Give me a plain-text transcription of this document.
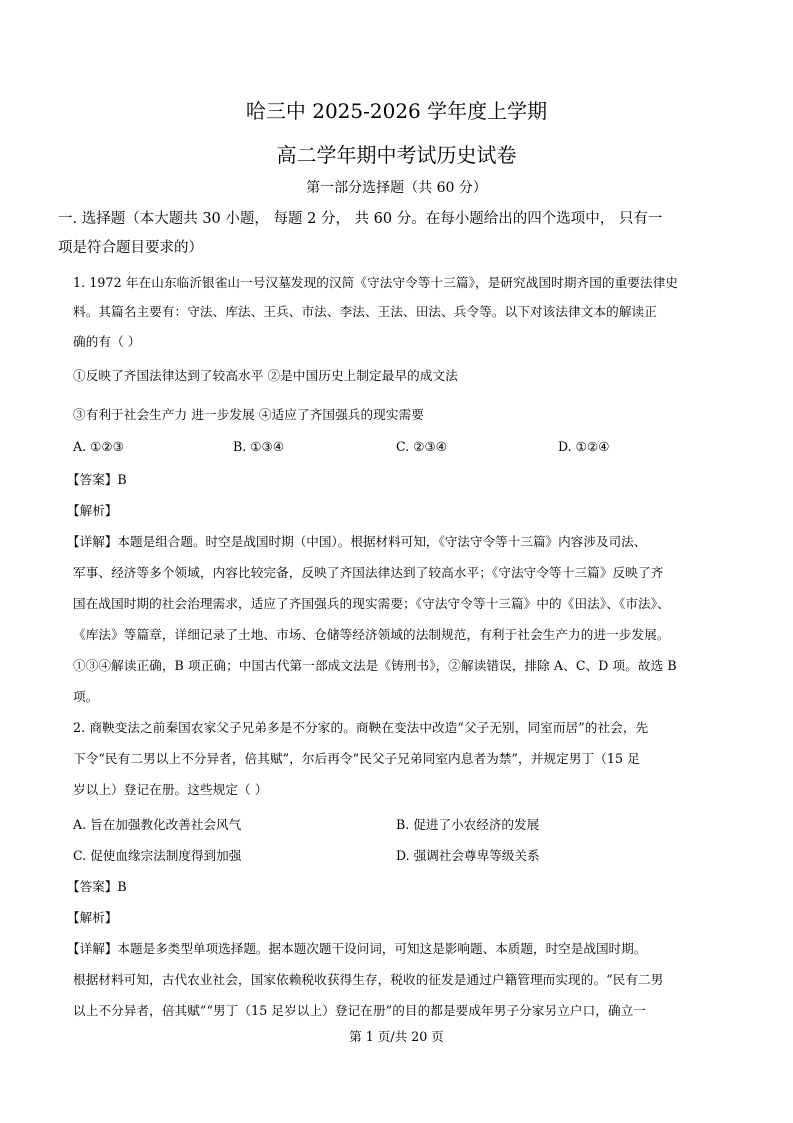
哈三中 2025-2026 学年度上学期
高二学年期中考试历史试卷
第一部分选择题（共 60 分）
一. 选择题（本大题共 30 小题， 每题 2 分， 共 60 分。在每小题给出的四个选项中， 只有一
项是符合题目要求的）
1. 1972 年在山东临沂银雀山一号汉墓发现的汉简《守法守令等十三篇》，是研究战国时期齐国的重要法律史
料。其篇名主要有：守法、库法、王兵、市法、李法、王法、田法、兵令等。以下对该法律文本的解读正
确的有（ ）
①反映了齐国法律达到了较高水平 ②是中国历史上制定最早的成文法
③有利于社会生产力 进一步发展 ④适应了齐国强兵的现实需要
A. ①②③	B. ①③④	C. ②③④	D. ①②④
【答案】B
【解析】
【详解】本题是组合题。时空是战国时期（中国）。根据材料可知，《守法守令等十三篇》内容涉及司法、
军事、经济等多个领域，内容比较完备，反映了齐国法律达到了较高水平；《守法守令等十三篇》反映了齐
国在战国时期的社会治理需求，适应了齐国强兵的现实需要；《守法守令等十三篇》中的《田法》、《市法》、
《库法》等篇章，详细记录了土地、市场、仓储等经济领域的法制规范，有利于社会生产力的进一步发展。
①③④解读正确，B 项正确；中国古代第一部成文法是《铸刑书》，②解读错误，排除 A、C、D 项。故选 B
项。
2. 商鞅变法之前秦国农家父子兄弟多是不分家的。商鞅在变法中改造“父子无别，同室而居”的社会，先
下令“民有二男以上不分异者，倍其赋”，尔后再令“民父子兄弟同室内息者为禁”，并规定男丁（15 足
岁以上）登记在册。这些规定（ ）
A. 旨在加强教化改善社会风气	B. 促进了小农经济的发展
C. 促使血缘宗法制度得到加强	D. 强调社会尊卑等级关系
【答案】B
【解析】
【详解】本题是多类型单项选择题。据本题次题干设问词，可知这是影响题、本质题，时空是战国时期。
根据材料可知，古代农业社会，国家依赖税收获得生存，税收的征发是通过户籍管理而实现的。“民有二男
以上不分异者，倍其赋”“男丁（15 足岁以上）登记在册”的目的都是要成年男子分家另立户口，确立一
第 1 页/共 20 页
